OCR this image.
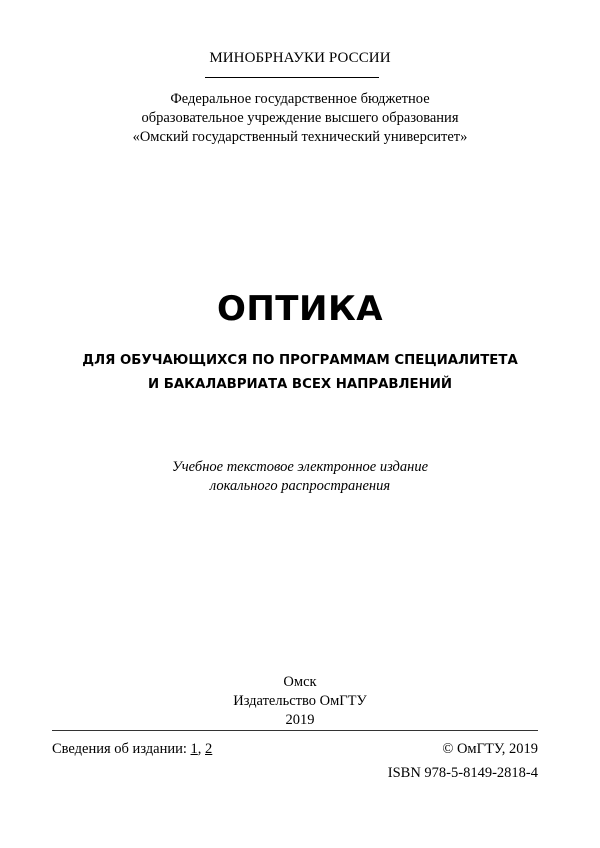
МИНОБРНАУКИ РОССИИ
Федеральное государственное бюджетное
образовательное учреждение высшего образования
«Омский государственный технический университет»
ОПТИКА
ДЛЯ ОБУЧАЮЩИХСЯ ПО ПРОГРАММАМ СПЕЦИАЛИТЕТА
И БАКАЛАВРИАТА ВСЕХ НАПРАВЛЕНИЙ
Учебное текстовое электронное издание
локального распространения
Омск
Издательство ОмГТУ
2019
Сведения об издании: 1, 2	© ОмГТУ, 2019
ISBN 978-5-8149-2818-4
